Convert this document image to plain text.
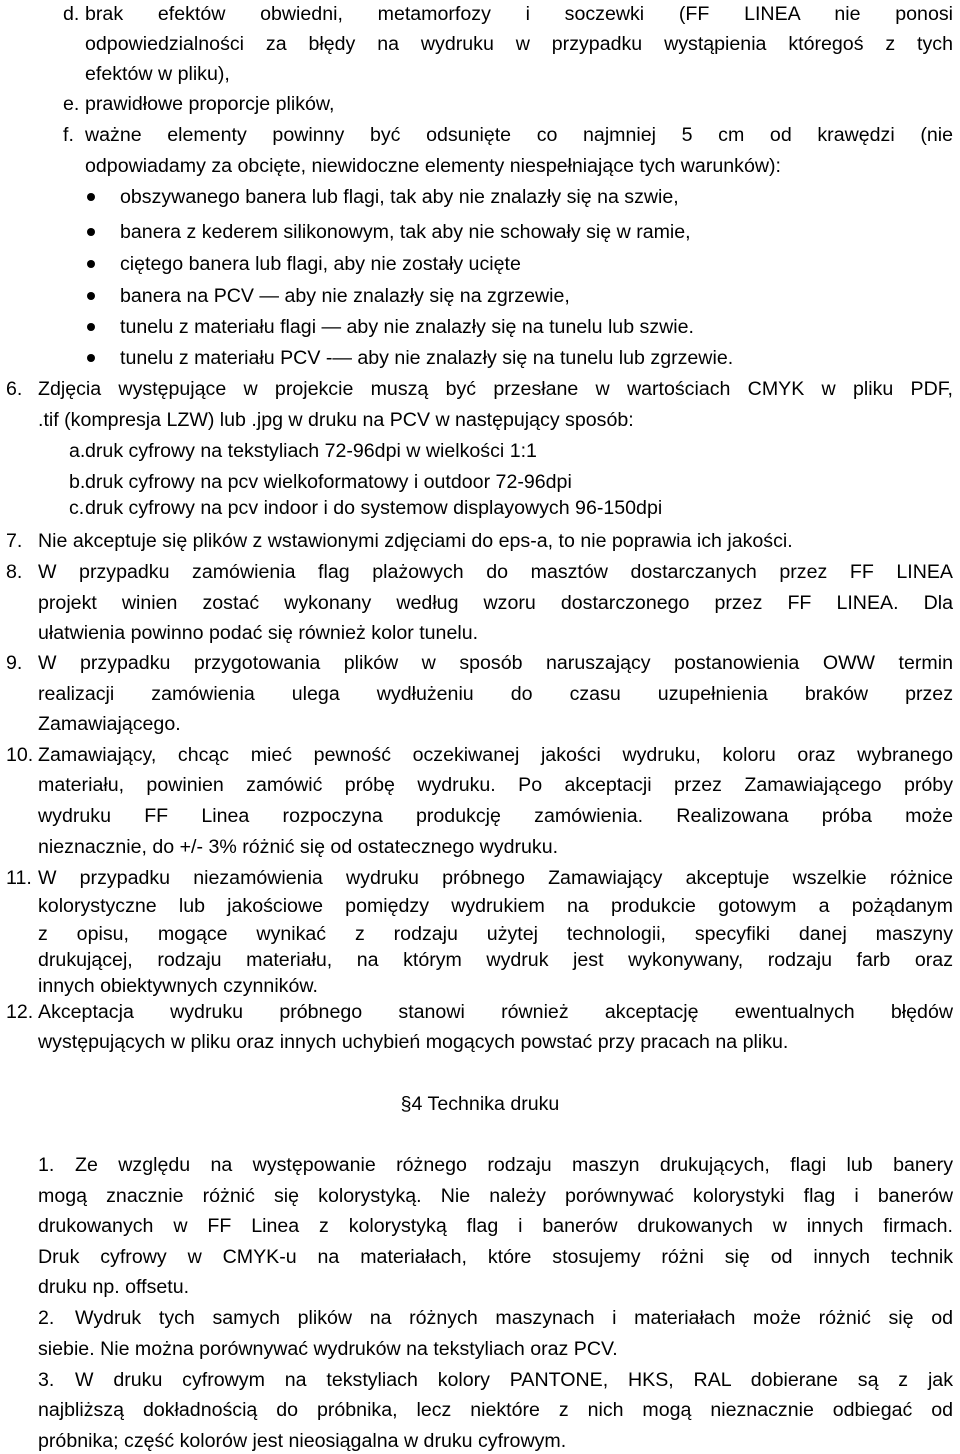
d. brak efektów obwiedni, metamorfozy i soczewki (FF LINEA nie ponosi
odpowiedzialności za błędy na wydruku w przypadku wystąpienia któregoś z tych
efektów w pliku),
e. prawidłowe proporcje plików,
f. ważne elementy powinny być odsunięte co najmniej 5 cm od krawędzi (nie
odpowiadamy za obcięte, niewidoczne elementy niespełniające tych warunków):
obszywanego banera lub flagi, tak aby nie znalazły się na szwie,
banera z kederem silikonowym, tak aby nie schowały się w ramie,
ciętego banera lub flagi, aby nie zostały ucięte
banera na PCV — aby nie znalazły się na zgrzewie,
tunelu z materiału flagi — aby nie znalazły się na tunelu lub szwie.
tunelu z materiału PCV -— aby nie znalazły się na tunelu lub zgrzewie.
6. Zdjęcia występujące w projekcie muszą być przesłane w wartościach CMYK w pliku PDF,
.tif (kompresja LZW) lub .jpg w druku na PCV w następujący sposób:
a. druk cyfrowy na tekstyliach 72-96dpi w wielkości 1:1
b. druk cyfrowy na pcv wielkoformatowy i outdoor 72-96dpi
c. druk cyfrowy na pcv indoor i do systemow displayowych 96-150dpi
7. Nie akceptuje się plików z wstawionymi zdjęciami do eps-a, to nie poprawia ich jakości.
8. W przypadku zamówienia flag plażowych do masztów dostarczanych przez FF LINEA
projekt winien zostać wykonany według wzoru dostarczonego przez FF LINEA. Dla
ułatwienia powinno podać się również kolor tunelu.
9. W przypadku przygotowania plików w sposób naruszający postanowienia OWW termin
realizacji zamówienia ulega wydłużeniu do czasu uzupełnienia braków przez
Zamawiającego.
10. Zamawiający, chcąc mieć pewność oczekiwanej jakości wydruku, koloru oraz wybranego
materiału, powinien zamówić próbę wydruku. Po akceptacji przez Zamawiającego próby
wydruku FF Linea rozpoczyna produkcję zamówienia. Realizowana próba może
nieznacznie, do +/- 3% różnić się od ostatecznego wydruku.
11. W przypadku niezamówienia wydruku próbnego Zamawiający akceptuje wszelkie różnice
kolorystyczne lub jakościowe pomiędzy wydrukiem na produkcie gotowym a pożądanym
z opisu, mogące wynikać z rodzaju użytej technologii, specyfiki danej maszyny
drukującej, rodzaju materiału, na którym wydruk jest wykonywany, rodzaju farb oraz
innych obiektywnych czynników.
12. Akceptacja wydruku próbnego stanowi również akceptację ewentualnych błędów
występujących w pliku oraz innych uchybień mogących powstać przy pracach na pliku.
§4 Technika druku
1. Ze względu na występowanie różnego rodzaju maszyn drukujących, flagi lub banery
mogą znacznie różnić się kolorystyką. Nie należy porównywać kolorystyki flag i banerów
drukowanych w FF Linea z kolorystyką flag i banerów drukowanych w innych firmach.
Druk cyfrowy w CMYK-u na materiałach, które stosujemy różni się od innych technik
druku np. offsetu.
2. Wydruk tych samych plików na różnych maszynach i materiałach może różnić się od
siebie. Nie można porównywać wydruków na tekstyliach oraz PCV.
3. W druku cyfrowym na tekstyliach kolory PANTONE, HKS, RAL dobierane są z jak
najbliższą dokładnością do próbnika, lecz niektóre z nich mogą nieznacznie odbiegać od
próbnika; część kolorów jest nieosiągalna w druku cyfrowym.
